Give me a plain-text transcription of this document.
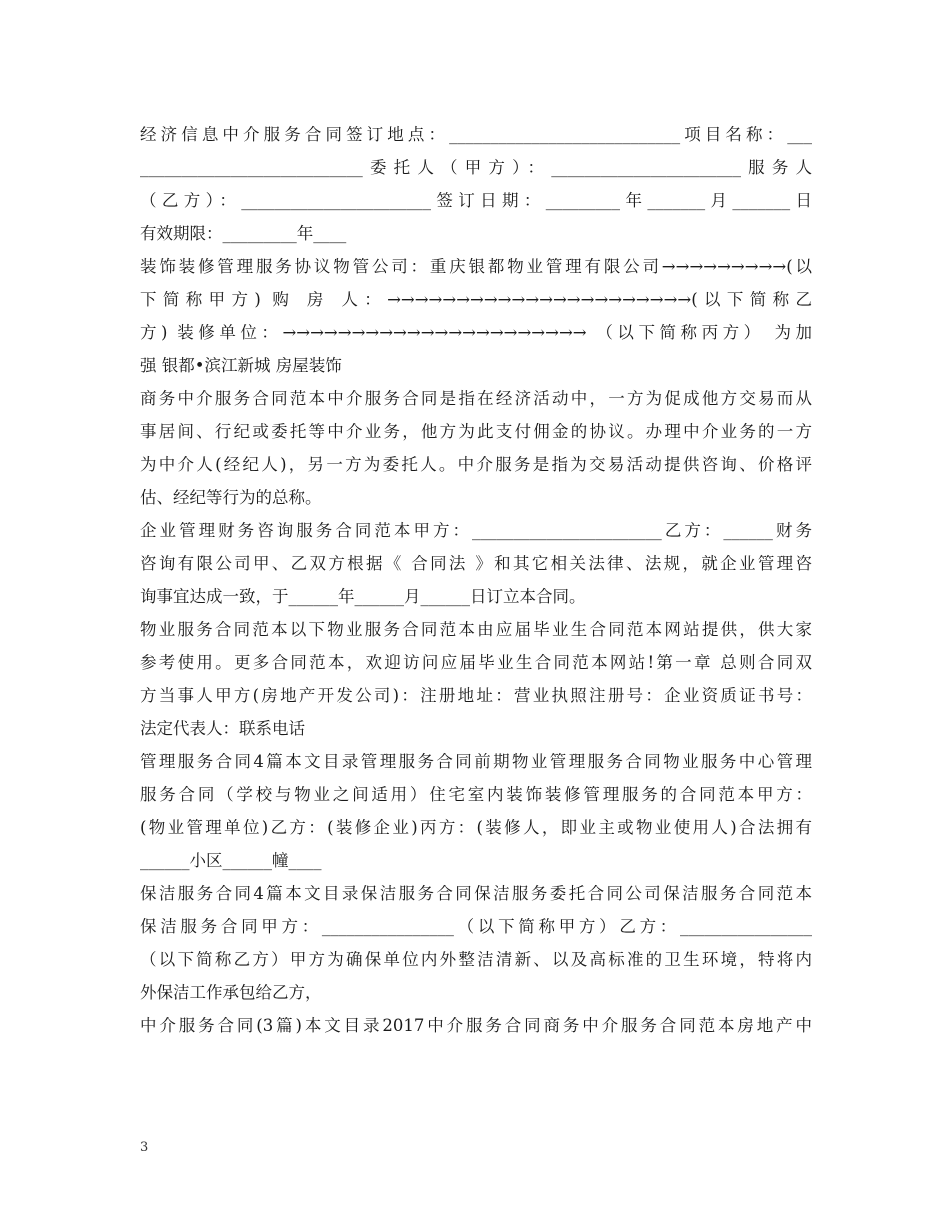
经济信息中介服务合同签订地点：____________________________项目名称：___
___________________________委托人（甲方）：_______________________服务人
（乙方）：_______________________签订日期：_________年_______月_______日
有效期限：_________年____
装饰装修管理服务协议物管公司：重庆银都物业管理有限公司→→→→→→→→→(以
下简称甲方) 购 房 人：→→→→→→→→→→→→→→→→→→→→→→(以下简称乙
方) 装修单位：→→→→→→→→→→→→→→→→→→→→→→ （以下简称丙方） 为加
强 银都•滨江新城 房屋装饰
商务中介服务合同范本中介服务合同是指在经济活动中，一方为促成他方交易而从
事居间、行纪或委托等中介业务，他方为此支付佣金的协议。办理中介业务的一方
为中介人(经纪人)，另一方为委托人。中介服务是指为交易活动提供咨询、价格评
估、经纪等行为的总称。
企业管理财务咨询服务合同范本甲方：_______________________乙方：______财务
咨询有限公司甲、乙双方根据《 合同法 》和其它相关法律、法规，就企业管理咨
询事宜达成一致，于______年______月______日订立本合同。
物业服务合同范本以下物业服务合同范本由应届毕业生合同范本网站提供，供大家
参考使用。更多合同范本，欢迎访问应届毕业生合同范本网站!第一章 总则合同双
方当事人甲方(房地产开发公司)：注册地址：营业执照注册号：企业资质证书号：
法定代表人：联系电话
管理服务合同4篇本文目录管理服务合同前期物业管理服务合同物业服务中心管理
服务合同（学校与物业之间适用）住宅室内装饰装修管理服务的合同范本甲方：
(物业管理单位)乙方：(装修企业)丙方：(装修人，即业主或物业使用人)合法拥有
______小区______幢____
保洁服务合同4篇本文目录保洁服务合同保洁服务委托合同公司保洁服务合同范本
保洁服务合同甲方：________________（以下简称甲方）乙方：________________
（以下简称乙方）甲方为确保单位内外整洁清新、以及高标准的卫生环境，特将内
外保洁工作承包给乙方，
中介服务合同(3篇)本文目录2017中介服务合同商务中介服务合同范本房地产中
3
